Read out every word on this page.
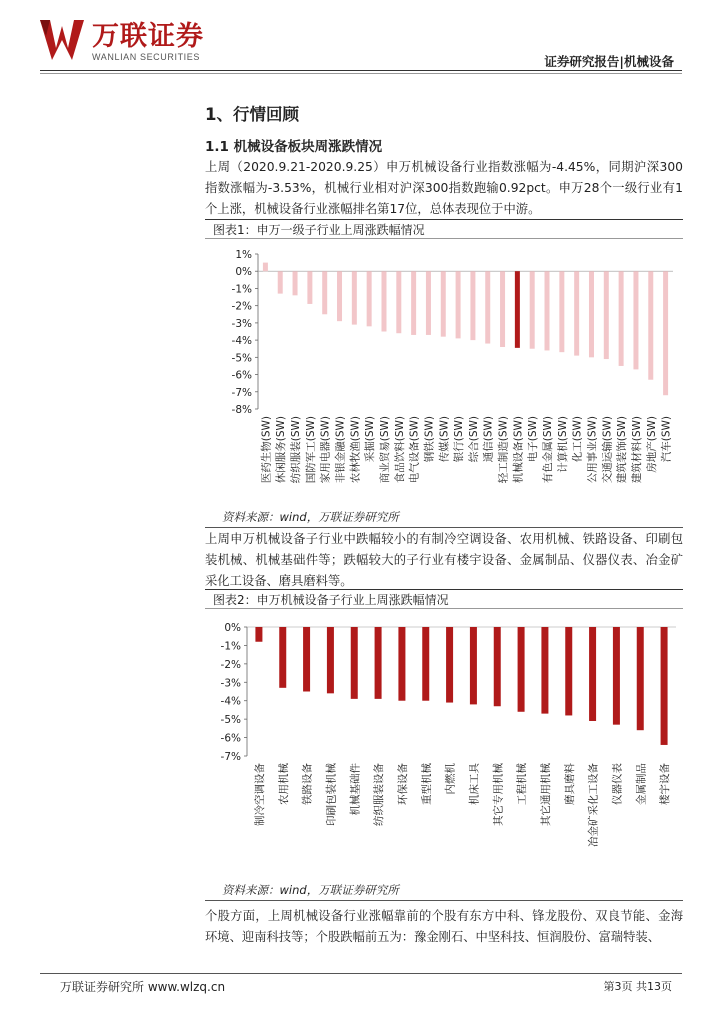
万联证券
WANLIAN SECURITIES	证券研究报告|机械设备
1、行情回顾
1.1 机械设备板块周涨跌情况
上周（2020.9.21-2020.9.25）申万机械设备行业指数涨幅为-4.45%，同期沪深300指数涨幅为-3.53%，机械行业相对沪深300指数跑输0.92pct。申万28个一级行业有1个上涨，机械设备行业涨幅排名第17位，总体表现位于中游。
图表1：申万一级子行业上周涨跌幅情况
1%
0%
-1%
-2%
-3%
-4%
-5%
-6%
-7%
-8%
医药生物(SW) 休闲服务(SW) 纺织服装(SW) 国防军工(SW) 家用电器(SW) 非银金融(SW) 农林牧渔(SW) 采掘(SW) 商业贸易(SW) 食品饮料(SW) 电气设备(SW) 钢铁(SW) 传媒(SW) 银行(SW) 综合(SW) 通信(SW) 轻工制造(SW) 机械设备(SW) 电子(SW) 有色金属(SW) 计算机(SW) 化工(SW) 公用事业(SW) 交通运输(SW) 建筑装饰(SW) 建筑材料(SW) 房地产(SW) 汽车(SW)
资料来源：wind，万联证券研究所
上周申万机械设备子行业中跌幅较小的有制冷空调设备、农用机械、铁路设备、印刷包装机械、机械基础件等；跌幅较大的子行业有楼宇设备、金属制品、仪器仪表、冶金矿采化工设备、磨具磨料等。
图表2：申万机械设备子行业上周涨跌幅情况
0%
-1%
-2%
-3%
-4%
-5%
-6%
-7%
制冷空调设备 农用机械 铁路设备 印刷包装机械 机械基础件 纺织服装设备 环保设备 重型机械 内燃机 机床工具 其它专用机械 工程机械 其它通用机械 磨具磨料 冶金矿采化工设备 仪器仪表 金属制品 楼宇设备
资料来源：wind，万联证券研究所
个股方面，上周机械设备行业涨幅靠前的个股有东方中科、锋龙股份、双良节能、金海环境、迎南科技等；个股跌幅前五为：豫金刚石、中坚科技、恒润股份、富瑞特装、
万联证券研究所 www.wlzq.cn	第3页 共13页
